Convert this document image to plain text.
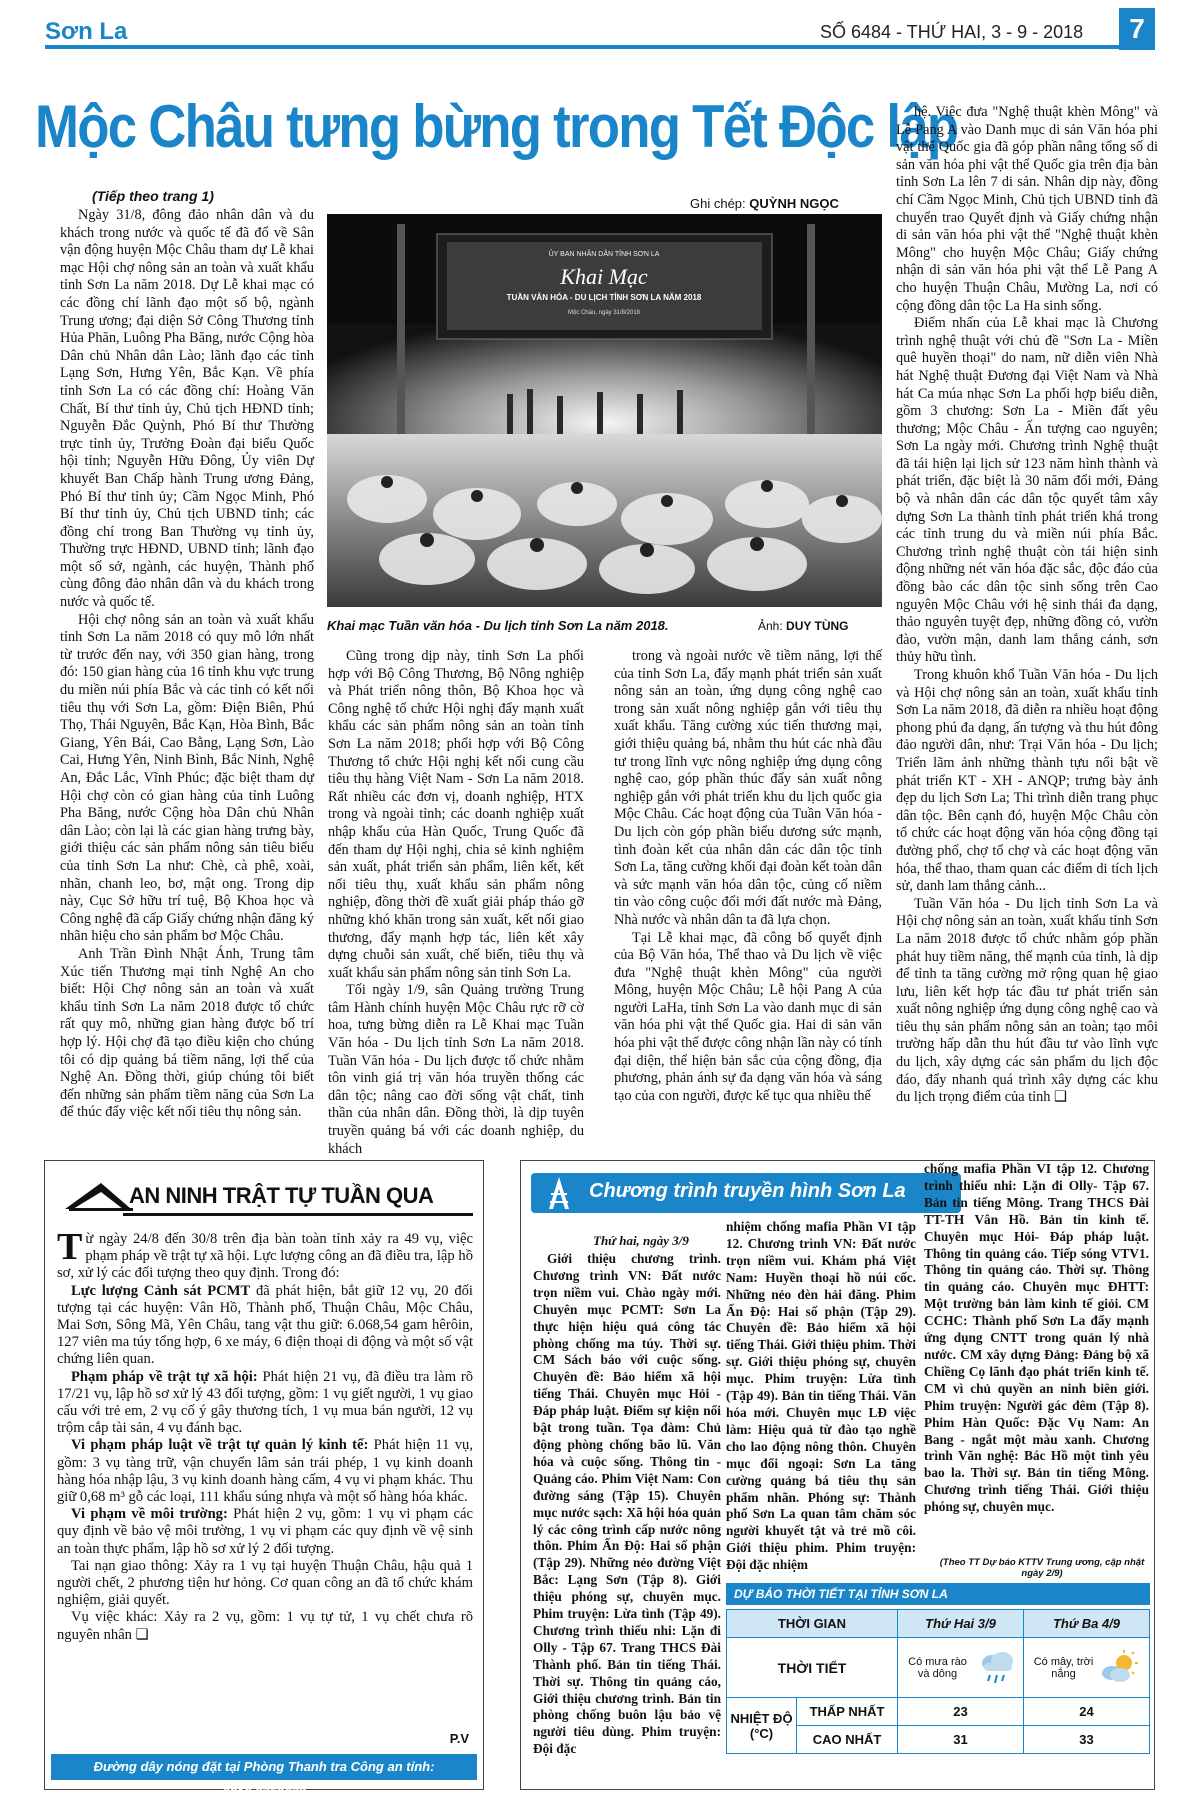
Sơn La	SỐ 6484 - THỨ HAI, 3 - 9 - 2018	7
Mộc Châu tưng bừng trong Tết Độc lập
(Tiếp theo trang 1)	Ghi chép: QUỲNH NGỌC
ỦY BAN NHÂN DÂN TỈNH SƠN LA
Khai Mạc
TUẦN VĂN HÓA - DU LỊCH TỈNH SƠN LA NĂM 2018
Mộc Châu, ngày 31/8/2018
Khai mạc Tuần văn hóa - Du lịch tỉnh Sơn La năm 2018.	Ảnh: DUY TÙNG

Ngày 31/8, đông đảo nhân dân và du khách trong nước và quốc tế đã đổ về Sân vận động huyện Mộc Châu tham dự Lễ khai mạc Hội chợ nông sản an toàn và xuất khẩu tỉnh Sơn La năm 2018. Dự Lễ khai mạc có các đồng chí lãnh đạo một số bộ, ngành Trung ương; đại diện Sở Công Thương tỉnh Hủa Phăn, Luông Pha Băng, nước Cộng hòa Dân chủ Nhân dân Lào; lãnh đạo các tỉnh Lạng Sơn, Hưng Yên, Bắc Kạn. Về phía tỉnh Sơn La có các đồng chí: Hoàng Văn Chất, Bí thư tỉnh ủy, Chủ tịch HĐND tỉnh; Nguyễn Đắc Quỳnh, Phó Bí thư Thường trực tỉnh ủy, Trưởng Đoàn đại biểu Quốc hội tỉnh; Nguyễn Hữu Đông, Ủy viên Dự khuyết Ban Chấp hành Trung ương Đảng, Phó Bí thư tỉnh ủy; Cầm Ngọc Minh, Phó Bí thư tỉnh ủy, Chủ tịch UBND tỉnh; các đồng chí trong Ban Thường vụ tỉnh ủy, Thường trực HĐND, UBND tỉnh; lãnh đạo một số sở, ngành, các huyện, Thành phố cùng đông đảo nhân dân và du khách trong nước và quốc tế.

Hội chợ nông sản an toàn và xuất khẩu tỉnh Sơn La năm 2018 có quy mô lớn nhất từ trước đến nay, với 350 gian hàng, trong đó: 150 gian hàng của 16 tỉnh khu vực trung du miền núi phía Bắc và các tỉnh có kết nối tiêu thụ với Sơn La, gồm: Điện Biên, Phú Thọ, Thái Nguyên, Bắc Kạn, Hòa Bình, Bắc Giang, Yên Bái, Cao Bằng, Lạng Sơn, Lào Cai, Hưng Yên, Ninh Bình, Bắc Ninh, Nghệ An, Đắc Lắc, Vĩnh Phúc; đặc biệt tham dự Hội chợ còn có gian hàng của tỉnh Luông Pha Băng, nước Cộng hòa Dân chủ Nhân dân Lào; còn lại là các gian hàng trưng bày, giới thiệu các sản phẩm nông sản tiêu biểu của tỉnh Sơn La như: Chè, cà phê, xoài, nhãn, chanh leo, bơ, mật ong. Trong dịp này, Cục Sở hữu trí tuệ, Bộ Khoa học và Công nghệ đã cấp Giấy chứng nhận đăng ký nhãn hiệu cho sản phẩm bơ Mộc Châu.

Anh Trần Đình Nhật Ánh, Trung tâm Xúc tiến Thương mại tỉnh Nghệ An cho biết: Hội Chợ nông sản an toàn và xuất khẩu tỉnh Sơn La năm 2018 được tổ chức rất quy mô, những gian hàng được bố trí hợp lý. Hội chợ đã tạo điều kiện cho chúng tôi có dịp quảng bá tiềm năng, lợi thế của Nghệ An. Đồng thời, giúp chúng tôi biết đến những sản phẩm tiềm năng của Sơn La để thúc đẩy việc kết nối tiêu thụ nông sản.

Cũng trong dịp này, tỉnh Sơn La phối hợp với Bộ Công Thương, Bộ Nông nghiệp và Phát triển nông thôn, Bộ Khoa học và Công nghệ tổ chức Hội nghị đẩy mạnh xuất khẩu các sản phẩm nông sản an toàn tỉnh Sơn La năm 2018; phối hợp với Bộ Công Thương tổ chức Hội nghị kết nối cung cầu tiêu thụ hàng Việt Nam - Sơn La năm 2018. Rất nhiều các đơn vị, doanh nghiệp, HTX trong và ngoài tỉnh; các doanh nghiệp xuất nhập khẩu của Hàn Quốc, Trung Quốc đã đến tham dự Hội nghị, chia sẻ kinh nghiệm sản xuất, phát triển sản phẩm, liên kết, kết nối tiêu thụ, xuất khẩu sản phẩm nông nghiệp, đồng thời đề xuất giải pháp tháo gỡ những khó khăn trong sản xuất, kết nối giao thương, đẩy mạnh hợp tác, liên kết xây dựng chuỗi sản xuất, chế biến, tiêu thụ và xuất khẩu sản phẩm nông sản tỉnh Sơn La.

Tối ngày 1/9, sân Quảng trường Trung tâm Hành chính huyện Mộc Châu rực rỡ cờ hoa, tưng bừng diễn ra Lễ Khai mạc Tuần Văn hóa - Du lịch tỉnh Sơn La năm 2018. Tuần Văn hóa - Du lịch được tổ chức nhằm tôn vinh giá trị văn hóa truyền thống các dân tộc; nâng cao đời sống vật chất, tinh thần của nhân dân. Đồng thời, là dịp tuyên truyền quảng bá với các doanh nghiệp, du khách

trong và ngoài nước về tiềm năng, lợi thế của tỉnh Sơn La, đẩy mạnh phát triển sản xuất nông sản an toàn, ứng dụng công nghệ cao trong sản xuất nông nghiệp gắn với tiêu thụ xuất khẩu. Tăng cường xúc tiến thương mại, giới thiệu quảng bá, nhằm thu hút các nhà đầu tư trong lĩnh vực nông nghiệp ứng dụng công nghệ cao, góp phần thúc đẩy sản xuất nông nghiệp gắn với phát triển khu du lịch quốc gia Mộc Châu. Các hoạt động của Tuần Văn hóa - Du lịch còn góp phần biểu dương sức mạnh, tình đoàn kết của nhân dân các dân tộc tỉnh Sơn La, tăng cường khối đại đoàn kết toàn dân và sức mạnh văn hóa dân tộc, củng cố niềm tin vào công cuộc đổi mới đất nước mà Đảng, Nhà nước và nhân dân ta đã lựa chọn.

Tại Lễ khai mạc, đã công bố quyết định của Bộ Văn hóa, Thể thao và Du lịch về việc đưa "Nghệ thuật khèn Mông" của người Mông, huyện Mộc Châu; Lễ hội Pang A của người LaHa, tỉnh Sơn La vào danh mục di sản văn hóa phi vật thể Quốc gia. Hai di sản văn hóa phi vật thể được công nhận lần này có tính đại diện, thể hiện bản sắc của cộng đồng, địa phương, phản ánh sự đa dạng văn hóa và sáng tạo của con người, được kế tục qua nhiều thế

hệ. Việc đưa "Nghệ thuật khèn Mông" và Lễ Pang A vào Danh mục di sản Văn hóa phi vật thể Quốc gia đã góp phần nâng tổng số di sản văn hóa phi vật thể Quốc gia trên địa bàn tỉnh Sơn La lên 7 di sản. Nhân dịp này, đồng chí Cầm Ngọc Minh, Chủ tịch UBND tỉnh đã chuyển trao Quyết định và Giấy chứng nhận di sản văn hóa phi vật thể "Nghệ thuật khèn Mông" cho huyện Mộc Châu; Giấy chứng nhận di sản văn hóa phi vật thể Lễ Pang A cho huyện Thuận Châu, Mường La, nơi có cộng đồng dân tộc La Ha sinh sống.

Điểm nhấn của Lễ khai mạc là Chương trình nghệ thuật với chủ đề "Sơn La - Miền quê huyền thoại" do nam, nữ diễn viên Nhà hát Nghệ thuật Đương đại Việt Nam và Nhà hát Ca múa nhạc Sơn La phối hợp biểu diễn, gồm 3 chương: Sơn La - Miền đất yêu thương; Mộc Châu - Ấn tượng cao nguyên; Sơn La ngày mới. Chương trình Nghệ thuật đã tái hiện lại lịch sử 123 năm hình thành và phát triển, đặc biệt là 30 năm đổi mới, Đảng bộ và nhân dân các dân tộc quyết tâm xây dựng Sơn La thành tỉnh phát triển khá trong các tỉnh trung du và miền núi phía Bắc. Chương trình nghệ thuật còn tái hiện sinh động những nét văn hóa đặc sắc, độc đáo của đồng bào các dân tộc sinh sống trên Cao nguyên Mộc Châu với hệ sinh thái đa dạng, thảo nguyên tuyệt đẹp, những đồng cỏ, vườn đào, vườn mận, danh lam thắng cảnh, sơn thủy hữu tình.

Trong khuôn khổ Tuần Văn hóa - Du lịch và Hội chợ nông sản an toàn, xuất khẩu tỉnh Sơn La năm 2018, đã diễn ra nhiều hoạt động phong phú đa dạng, ấn tượng và thu hút đông đảo người dân, như: Trại Văn hóa - Du lịch; Triển lãm ảnh những thành tựu nổi bật về phát triển KT - XH - ANQP; trưng bày ảnh đẹp du lịch Sơn La; Thi trình diễn trang phục dân tộc. Bên cạnh đó, huyện Mộc Châu còn tổ chức các hoạt động văn hóa cộng đồng tại đường phố, chợ tổ chợ và các hoạt động văn hóa, thể thao, tham quan các điểm di tích lịch sử, danh lam thắng cảnh...

Tuần Văn hóa - Du lịch tỉnh Sơn La và Hội chợ nông sản an toàn, xuất khẩu tỉnh Sơn La năm 2018 được tổ chức nhằm góp phần phát huy tiềm năng, thế mạnh của tỉnh, là dịp để tỉnh ta tăng cường mở rộng quan hệ giao lưu, liên kết hợp tác đầu tư phát triển sản xuất nông nghiệp ứng dụng công nghệ cao và tiêu thụ sản phẩm nông sản an toàn; tạo môi trường hấp dẫn thu hút đầu tư vào lĩnh vực du lịch, xây dựng các sản phẩm du lịch độc đáo, đẩy nhanh quá trình xây dựng các khu du lịch trọng điểm của tỉnh ❑

AN NINH TRẬT TỰ TUẦN QUA

Từ ngày 24/8 đến 30/8 trên địa bàn toàn tỉnh xảy ra 49 vụ, việc phạm pháp về trật tự xã hội. Lực lượng công an đã điều tra, lập hồ sơ, xử lý các đối tượng theo quy định. Trong đó:

Lực lượng Cảnh sát PCMT đã phát hiện, bắt giữ 12 vụ, 20 đối tượng tại các huyện: Vân Hồ, Thành phố, Thuận Châu, Mộc Châu, Mai Sơn, Sông Mã, Yên Châu, tang vật thu giữ: 6.068,54 gam hêrôin, 127 viên ma túy tổng hợp, 6 xe máy, 6 điện thoại di động và một số vật chứng liên quan.

Phạm pháp về trật tự xã hội: Phát hiện 21 vụ, đã điều tra làm rõ 17/21 vụ, lập hồ sơ xử lý 43 đối tượng, gồm: 1 vụ giết người, 1 vụ giao cấu với trẻ em, 2 vụ cố ý gây thương tích, 1 vụ mua bán người, 12 vụ trộm cắp tài sản, 4 vụ đánh bạc.

Vi phạm pháp luật về trật tự quản lý kinh tế: Phát hiện 11 vụ, gồm: 3 vụ tàng trữ, vận chuyển lâm sản trái phép, 1 vụ kinh doanh hàng hóa nhập lậu, 3 vụ kinh doanh hàng cấm, 4 vụ vi phạm khác. Thu giữ 0,68 m³ gỗ các loại, 111 khẩu súng nhựa và một số hàng hóa khác.

Vi phạm về môi trường: Phát hiện 2 vụ, gồm: 1 vụ vi phạm các quy định về bảo vệ môi trường, 1 vụ vi phạm các quy định về vệ sinh an toàn thực phẩm, lập hồ sơ xử lý 2 đối tượng.

Tai nạn giao thông: Xảy ra 1 vụ tại huyện Thuận Châu, hậu quả 1 người chết, 2 phương tiện hư hỏng. Cơ quan công an đã tổ chức khám nghiệm, giải quyết.

Vụ việc khác: Xảy ra 2 vụ, gồm: 1 vụ tự tử, 1 vụ chết chưa rõ nguyên nhân ❑

P.V
Đường dây nóng đặt tại Phòng Thanh tra Công an tỉnh: 0212.3759678
Chương trình truyền hình Sơn La
Thứ hai, ngày 3/9
Giới thiệu chương trình. Chương trình VN: Đất nước trọn niềm vui. Chào ngày mới. Chuyên mục PCMT: Sơn La thực hiện hiệu quả công tác phòng chống ma túy. Thời sự. CM Sách báo với cuộc sống. Chuyên đề: Bảo hiểm xã hội tiếng Thái. Chuyên mục Hỏi - Đáp pháp luật. Điểm sự kiện nổi bật trong tuần. Tọa đàm: Chủ động phòng chống bão lũ. Văn hóa và cuộc sống. Thông tin - Quảng cáo. Phim Việt Nam: Con đường sáng (Tập 15). Chuyên mục nước sạch: Xã hội hóa quản lý các công trình cấp nước nông thôn. Phim Ấn Độ: Hai số phận (Tập 29). Những nẻo đường Việt Bắc: Lạng Sơn (Tập 8). Giới thiệu phóng sự, chuyên mục. Phim truyện: Lừa tình (Tập 49). Chương trình thiếu nhi: Lặn đi Olly - Tập 67. Trang THCS Đài Thành phố. Bản tin tiếng Thái. Thời sự. Thông tin quảng cáo, Giới thiệu chương trình. Bản tin phòng chống buôn lậu bảo vệ người tiêu dùng. Phim truyện: Đội đặc
nhiệm chống mafia Phần VI tập 12. Chương trình VN: Đất nước trọn niềm vui. Khám phá Việt Nam: Huyền thoại hồ núi cốc. Những nẻo đèn hải đăng. Phim Ấn Độ: Hai số phận (Tập 29). Chuyên đề: Bảo hiểm xã hội tiếng Thái. Giới thiệu phim. Thời sự. Giới thiệu phóng sự, chuyên mục. Phim truyện: Lừa tình (Tập 49). Bản tin tiếng Thái. Văn hóa mới. Chuyên mục LĐ việc làm: Hiệu quả từ đào tạo nghề cho lao động nông thôn. Chuyên mục đổi ngoại: Sơn La tăng cường quảng bá tiêu thụ sản phẩm nhãn. Phóng sự: Thành phố Sơn La quan tâm chăm sóc người khuyết tật và trẻ mồ côi. Giới thiệu phim. Phim truyện: Đội đặc nhiệm
chống mafia Phần VI tập 12. Chương trình thiếu nhi: Lặn đi Olly- Tập 67. Bản tin tiếng Mông. Trang THCS Đài TT-TH Vân Hồ. Bản tin kinh tế. Chuyên mục Hỏi- Đáp pháp luật. Thông tin quảng cáo. Tiếp sóng VTV1. Thông tin quảng cáo. Thời sự. Thông tin quảng cáo. Chuyên mục ĐHTT: Một trường bản làm kinh tế giỏi. CM CCHC: Thành phố Sơn La đẩy mạnh ứng dụng CNTT trong quản lý nhà nước. CM xây dựng Đảng: Đảng bộ xã Chiềng Cọ lãnh đạo phát triển kinh tế. CM vì chủ quyền an ninh biên giới. Phim truyện: Người gác đêm (Tập 8). Phim Hàn Quốc: Đặc Vụ Nam: An Bang - ngắt một màu xanh. Chương trình Văn nghệ: Bác Hồ một tình yêu bao la. Thời sự. Bản tin tiếng Mông. Chương trình tiếng Thái. Giới thiệu phóng sự, chuyên mục.
(Theo TT Dự báo KTTV Trung ương, cập nhật ngày 2/9)
DỰ BÁO THỜI TIẾT TẠI TỈNH SƠN LA
THỜI GIAN		Thứ Hai 3/9	Thứ Ba 4/9
THỜI TIẾT		Có mưa rào và dông	Có mây, trời nắng

NHIỆT ĐỘ (°C)	THẤP NHẤT	23	24
	CAO NHẤT	31	33
